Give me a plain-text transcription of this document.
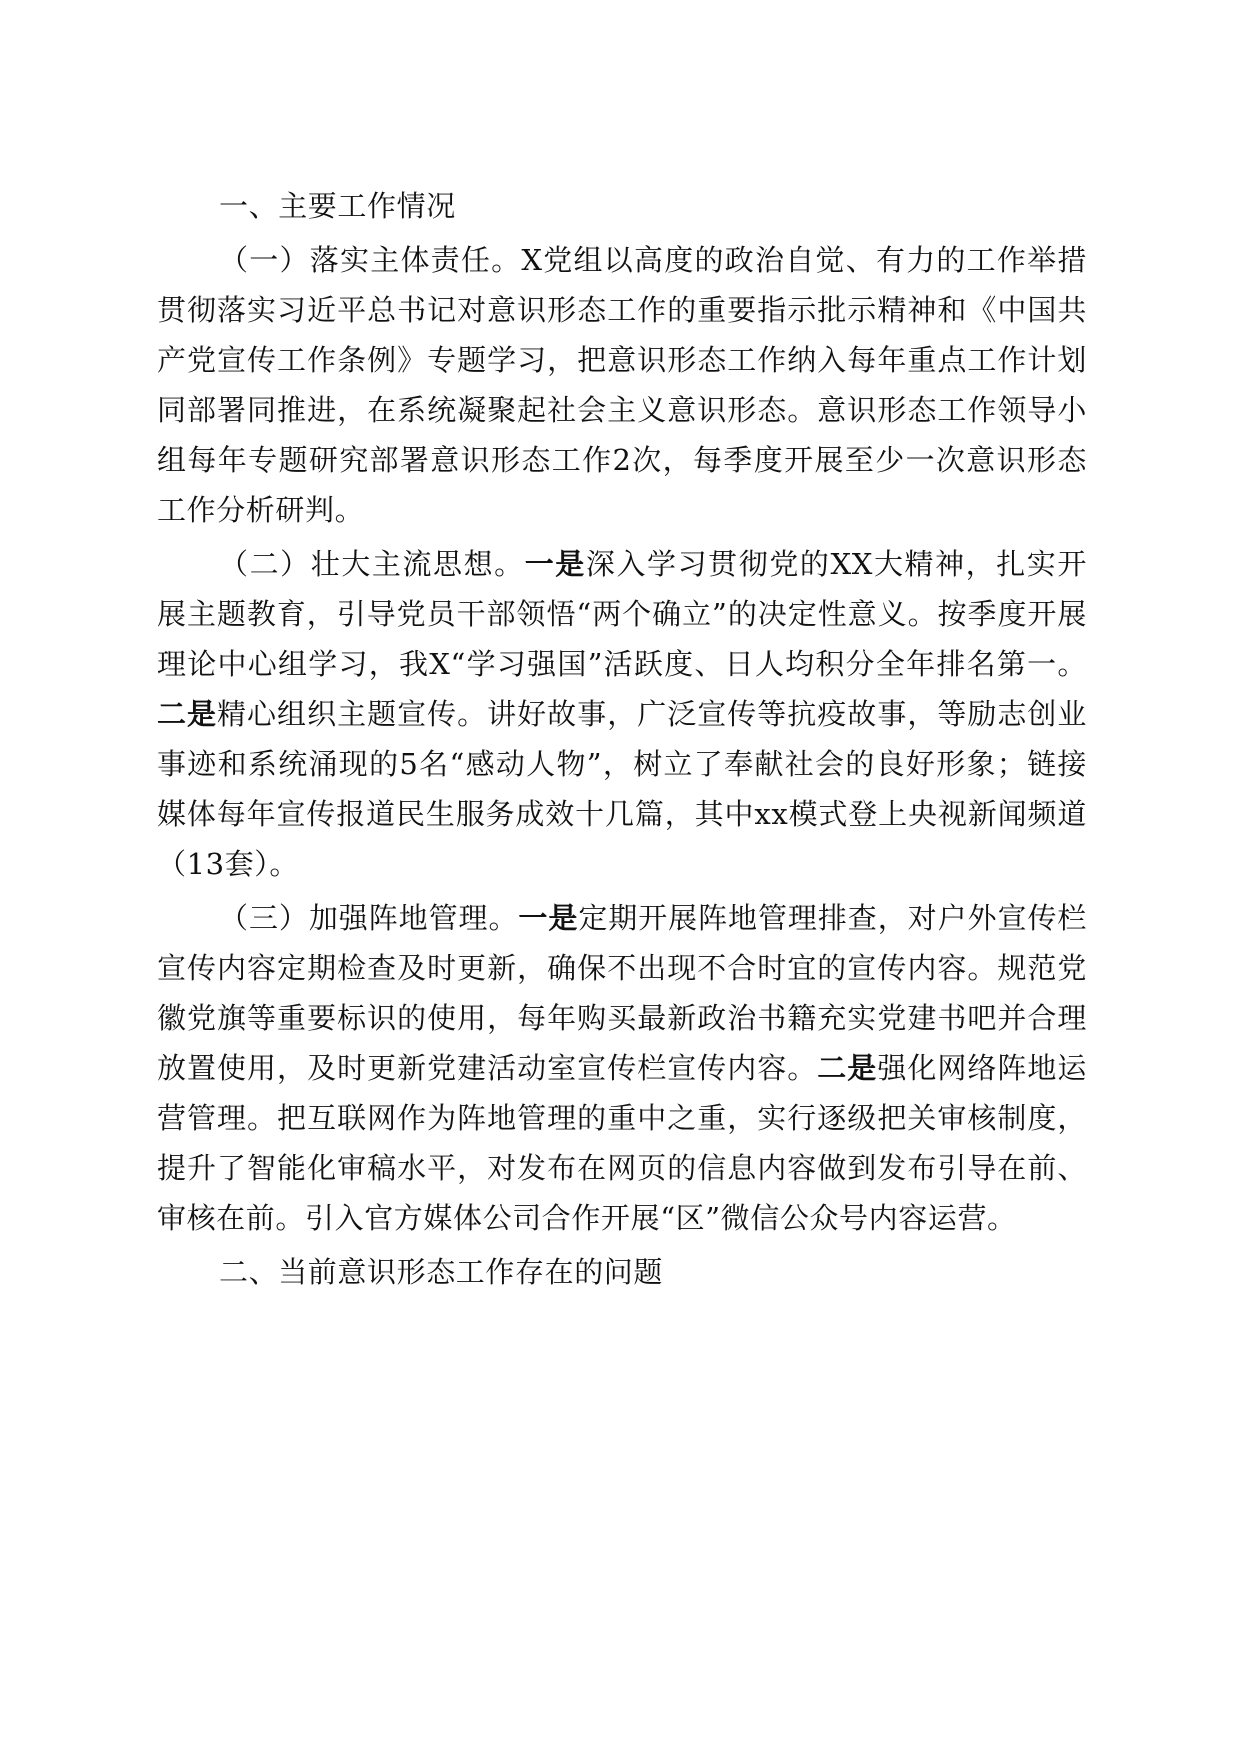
一、主要工作情况

（一）落实主体责任。X党组以高度的政治自觉、有力的工作举措贯彻落实习近平总书记对意识形态工作的重要指示批示精神和《中国共产党宣传工作条例》专题学习，把意识形态工作纳入每年重点工作计划同部署同推进，在系统凝聚起社会主义意识形态。意识形态工作领导小组每年专题研究部署意识形态工作2次，每季度开展至少一次意识形态工作分析研判。

（二）壮大主流思想。一是深入学习贯彻党的XX大精神，扎实开展主题教育，引导党员干部领悟“两个确立”的决定性意义。按季度开展理论中心组学习，我X“学习强国”活跃度、日人均积分全年排名第一。二是精心组织主题宣传。讲好故事，广泛宣传等抗疫故事，等励志创业事迹和系统涌现的5名“感动人物”，树立了奉献社会的良好形象；链接媒体每年宣传报道民生服务成效十几篇，其中xx模式登上央视新闻频道（13套）。

（三）加强阵地管理。一是定期开展阵地管理排查，对户外宣传栏宣传内容定期检查及时更新，确保不出现不合时宜的宣传内容。规范党徽党旗等重要标识的使用，每年购买最新政治书籍充实党建书吧并合理放置使用，及时更新党建活动室宣传栏宣传内容。二是强化网络阵地运营管理。把互联网作为阵地管理的重中之重，实行逐级把关审核制度，提升了智能化审稿水平，对发布在网页的信息内容做到发布引导在前、审核在前。引入官方媒体公司合作开展“区”微信公众号内容运营。

二、当前意识形态工作存在的问题
